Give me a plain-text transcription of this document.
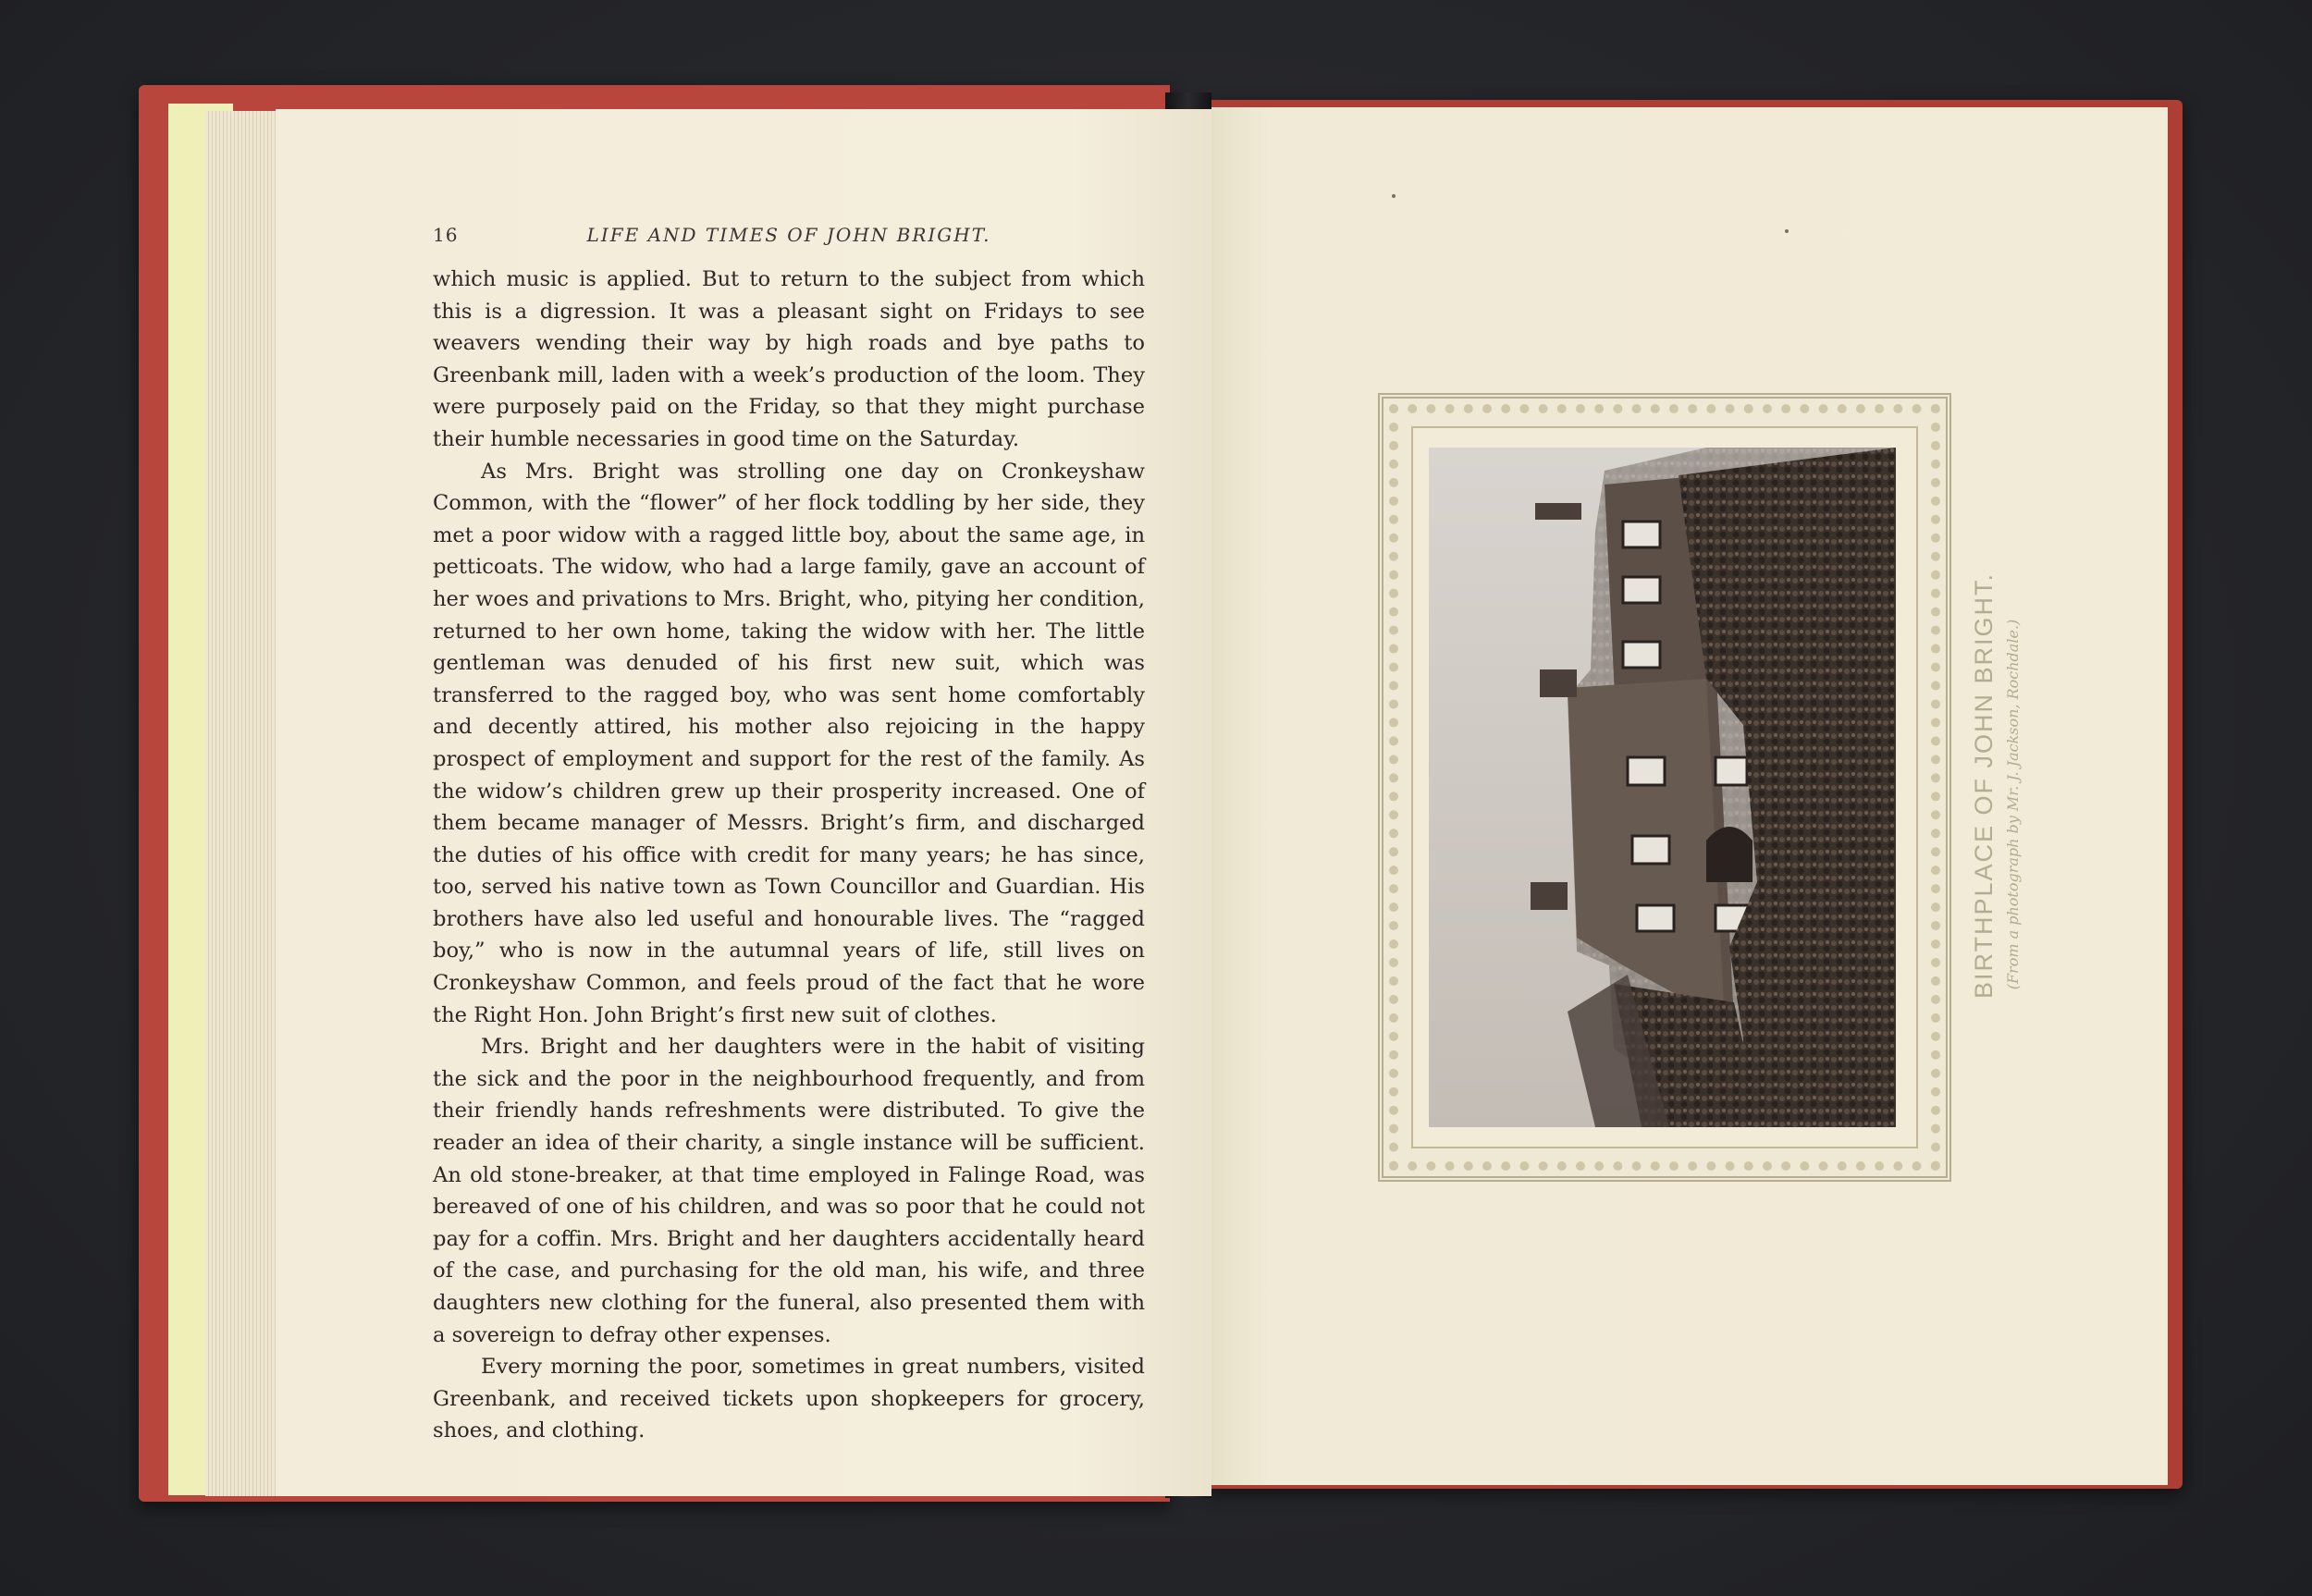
16	LIFE AND TIMES OF JOHN BRIGHT.

which music is applied. But to return to the subject from which this is a digression. It was a pleasant sight on Fridays to see weavers wending their way by high roads and bye paths to Greenbank mill, laden with a week’s production of the loom. They were purposely paid on the Friday, so that they might purchase their humble necessaries in good time on the Saturday.

As Mrs. Bright was strolling one day on Cronkeyshaw Common, with the “flower” of her flock toddling by her side, they met a poor widow with a ragged little boy, about the same age, in petticoats. The widow, who had a large family, gave an account of her woes and privations to Mrs. Bright, who, pitying her condition, returned to her own home, taking the widow with her. The little gentleman was denuded of his first new suit, which was transferred to the ragged boy, who was sent home comfortably and decently attired, his mother also rejoicing in the happy prospect of employment and support for the rest of the family. As the widow’s children grew up their prosperity increased. One of them became manager of Messrs. Bright’s firm, and discharged the duties of his office with credit for many years; he has since, too, served his native town as Town Councillor and Guardian. His brothers have also led useful and honourable lives. The “ragged boy,” who is now in the autumnal years of life, still lives on Cronkeyshaw Common, and feels proud of the fact that he wore the Right Hon. John Bright’s first new suit of clothes.

Mrs. Bright and her daughters were in the habit of visiting the sick and the poor in the neighbourhood frequently, and from their friendly hands refreshments were distributed. To give the reader an idea of their charity, a single instance will be sufficient. An old stone-breaker, at that time employed in Falinge Road, was bereaved of one of his children, and was so poor that he could not pay for a coffin. Mrs. Bright and her daughters accidentally heard of the case, and purchasing for the old man, his wife, and three daughters new clothing for the funeral, also presented them with a sovereign to defray other expenses.

Every morning the poor, sometimes in great numbers, visited Greenbank, and received tickets upon shopkeepers for grocery, shoes, and clothing.

BIRTHPLACE OF JOHN BRIGHT. (From a photograph by Mr. J. Jackson, Rochdale.)
